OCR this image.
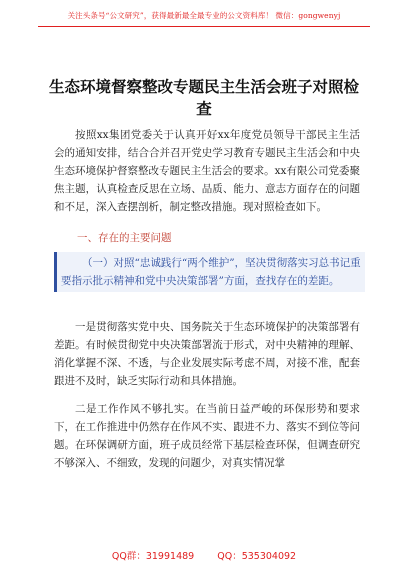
关注头条号“公文研究”，获得最新最全最专业的公文资料库！ 微信：gongwenyj
生态环境督察整改专题民主生活会班子对照检查

按照xx集团党委关于认真开好xx年度党员领导干部民主生活会的通知安排，结合合并召开党史学习教育专题民主生活会和中央生态环境保护督察整改专题民主生活会的要求。xx有限公司党委聚焦主题，认真检查反思在立场、品质、能力、意志方面存在的问题和不足，深入查摆剖析，制定整改措施。现对照检查如下。

一、存在的主要问题

（一）对照“忠诚践行“两个维护”，坚决贯彻落实习总书记重要指示批示精神和党中央决策部署”方面，查找存在的差距。

一是贯彻落实党中央、国务院关于生态环境保护的决策部署有差距。有时候贯彻党中央决策部署流于形式，对中央精神的理解、消化掌握不深、不透，与企业发展实际考虑不周，对接不准，配套跟进不及时，缺乏实际行动和具体措施。

二是工作作风不够扎实。在当前日益严峻的环保形势和要求下，在工作推进中仍然存在作风不实、跟进不力、落实不到位等问题。在环保调研方面，班子成员经常下基层检查环保，但调查研究不够深入、不细致，发现的问题少，对真实情况掌

QQ群：31991489 QQ：535304092
